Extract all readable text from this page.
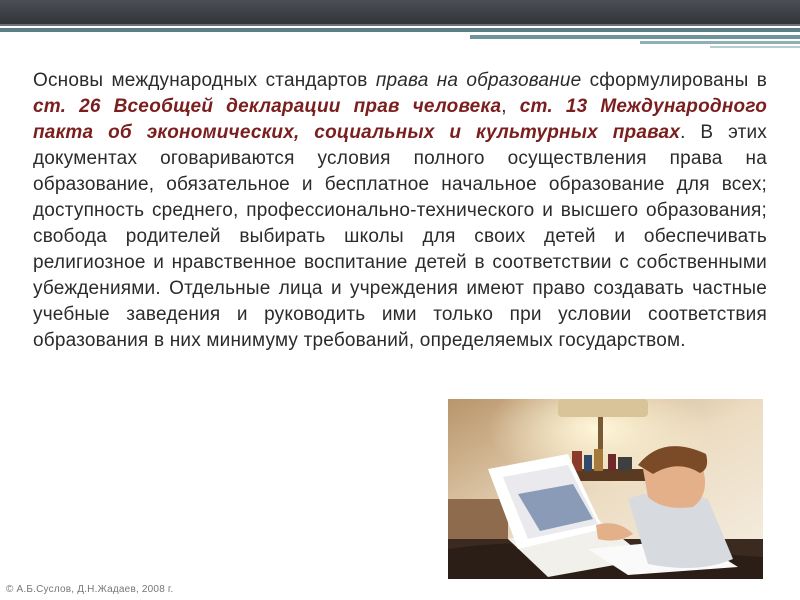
Основы международных стандартов права на образование сформулированы в ст. 26 Всеобщей декларации прав человека, ст. 13 Международного пакта об экономических, социальных и культурных правах. В этих документах оговариваются условия полного осуществления права на образование, обязательное и бесплатное начальное образование для всех; доступность среднего, профессионально-технического и высшего образования; свобода родителей выбирать школы для своих детей и обеспечивать религиозное и нравственное воспитание детей в соответствии с собственными убеждениями. Отдельные лица и учреждения имеют право создавать частные учебные заведения и руководить ими только при условии соответствия образования в них минимуму требований, определяемых государством.

© А.Б.Суслов, Д.Н.Жадаев, 2008 г.
